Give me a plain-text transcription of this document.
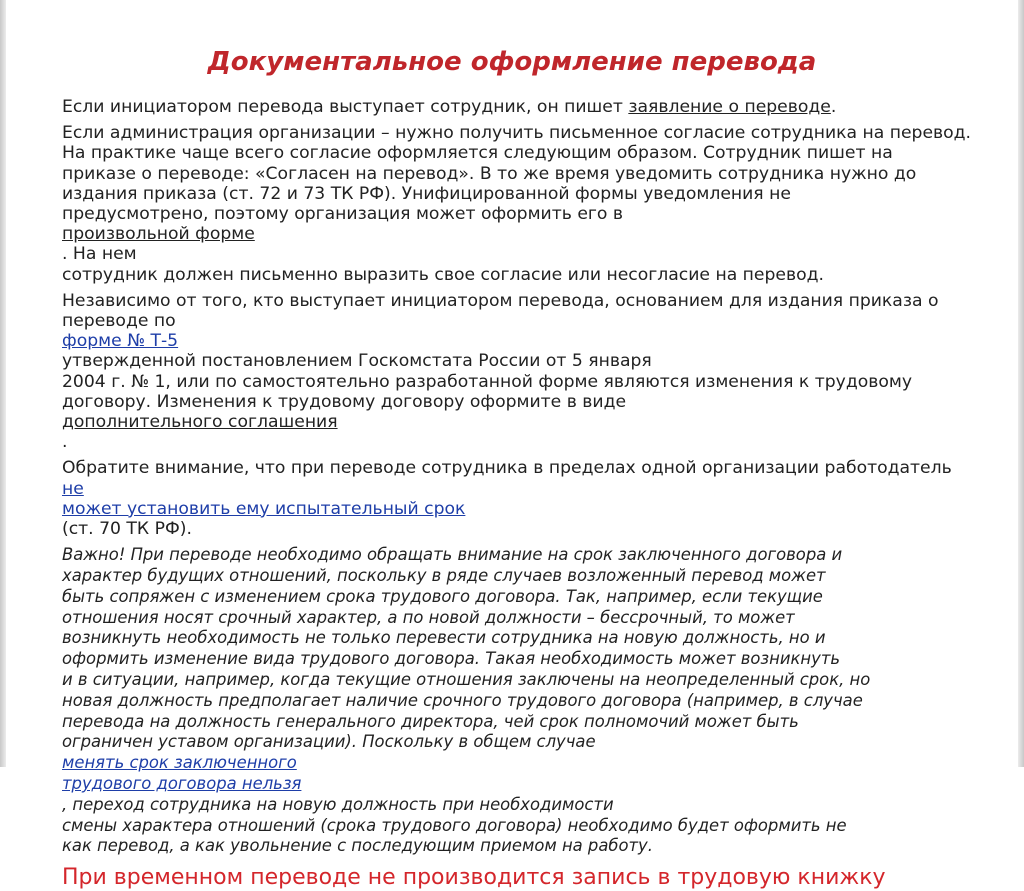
Документальное оформление перевода

Если инициатором перевода выступает сотрудник, он пишет заявление о переводе.

Если администрация организации – нужно получить письменное согласие сотрудника на перевод.
На практике чаще всего согласие оформляется следующим образом. Сотрудник пишет на
приказе о переводе: «Согласен на перевод». В то же время уведомить сотрудника нужно до
издания приказа (ст. 72 и 73 ТК РФ). Унифицированной формы уведомления не
предусмотрено, поэтому организация может оформить его в
произвольной форме
. На нем
сотрудник должен письменно выразить свое согласие или несогласие на перевод.

Независимо от того, кто выступает инициатором перевода, основанием для издания приказа о
переводе по
форме № Т-5
утвержденной постановлением Госкомстата России от 5 января
2004 г. № 1, или по самостоятельно разработанной форме являются изменения к трудовому
договору. Изменения к трудовому договору оформите в виде
дополнительного соглашения
.

Обратите внимание, что при переводе сотрудника в пределах одной организации работодатель
не
может установить ему испытательный срок
(ст. 70 ТК РФ).

Важно! При переводе необходимо обращать внимание на срок заключенного договора и
характер будущих отношений, поскольку в ряде случаев возложенный перевод может
быть сопряжен с изменением срока трудового договора. Так, например, если текущие
отношения носят срочный характер, а по новой должности – бессрочный, то может
возникнуть необходимость не только перевести сотрудника на новую должность, но и
оформить изменение вида трудового договора. Такая необходимость может возникнуть
и в ситуации, например, когда текущие отношения заключены на неопределенный срок, но
новая должность предполагает наличие срочного трудового договора (например, в случае
перевода на должность генерального директора, чей срок полномочий может быть
ограничен уставом организации). Поскольку в общем случае
менять срок заключенного
трудового договора нельзя
, переход сотрудника на новую должность при необходимости
смены характера отношений (срока трудового договора) необходимо будет оформить не
как перевод, а как увольнение с последующим приемом на работу.

При временном переводе не производится запись в трудовую книжку
